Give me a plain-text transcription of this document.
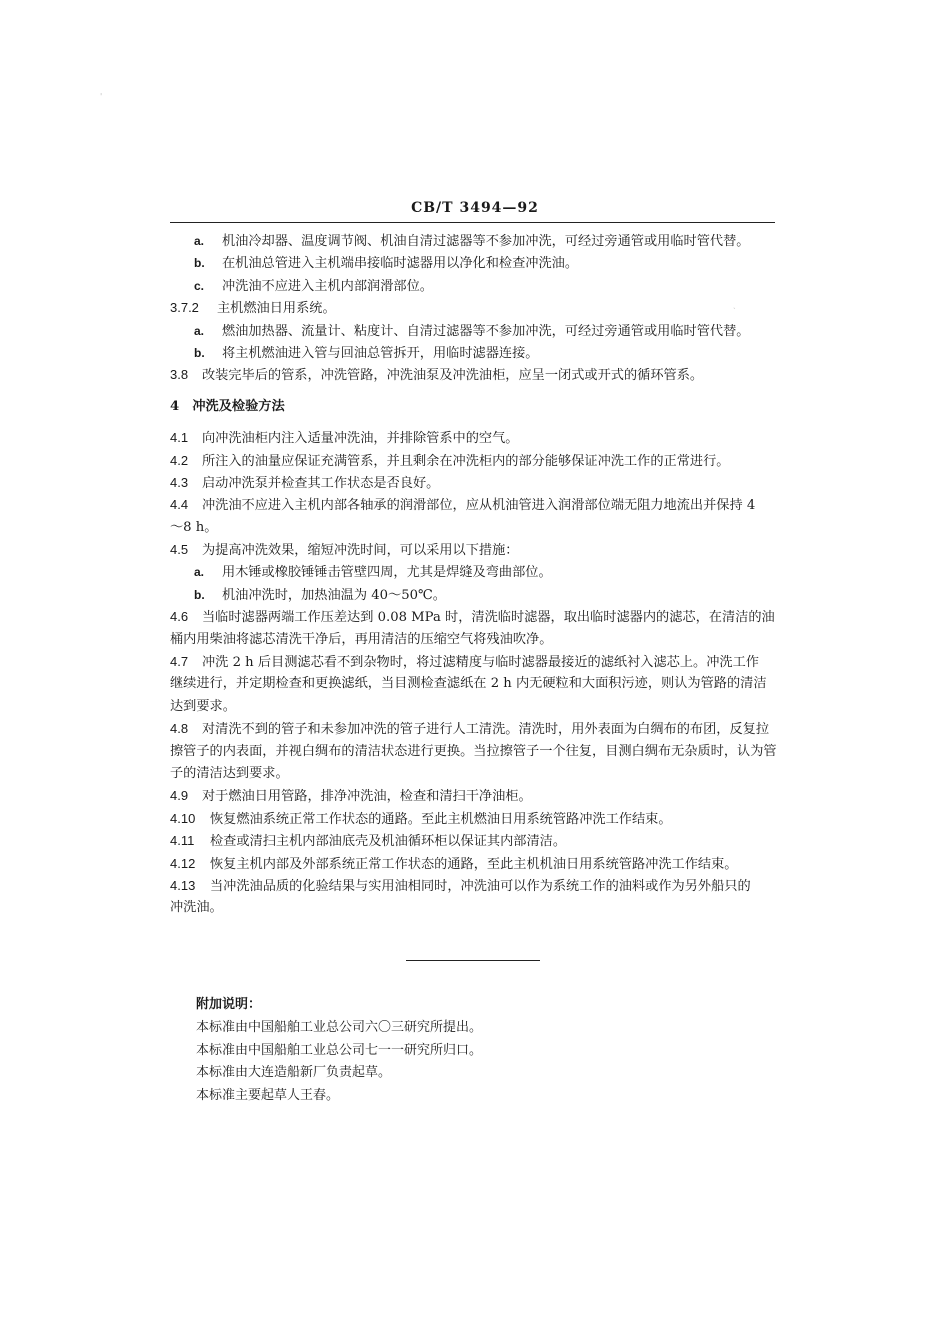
'
ˏ
CB/T 3494—92
a. 机油冷却器、温度调节阀、机油自清过滤器等不参加冲洗，可经过旁通管或用临时管代替。
b. 在机油总管进入主机端串接临时滤器用以净化和检查冲洗油。
c. 冲洗油不应进入主机内部润滑部位。
3.7.2 主机燃油日用系统。
a. 燃油加热器、流量计、粘度计、自清过滤器等不参加冲洗，可经过旁通管或用临时管代替。
b. 将主机燃油进入管与回油总管拆开，用临时滤器连接。
3.8 改装完毕后的管系，冲洗管路，冲洗油泵及冲洗油柜，应呈一闭式或开式的循环管系。
4　冲洗及检验方法
4.1 向冲洗油柜内注入适量冲洗油，并排除管系中的空气。
4.2 所注入的油量应保证充满管系，并且剩余在冲洗柜内的部分能够保证冲洗工作的正常进行。
4.3 启动冲洗泵并检查其工作状态是否良好。
4.4 冲洗油不应进入主机内部各轴承的润滑部位，应从机油管进入润滑部位端无阻力地流出并保持 4
～8 h。
4.5 为提高冲洗效果，缩短冲洗时间，可以采用以下措施：
a. 用木锤或橡胶锤锤击管壁四周，尤其是焊缝及弯曲部位。
b. 机油冲洗时，加热油温为 40～50℃。
4.6 当临时滤器两端工作压差达到 0.08 MPa 时，清洗临时滤器，取出临时滤器内的滤芯，在清洁的油
桶内用柴油将滤芯清洗干净后，再用清洁的压缩空气将残油吹净。
4.7 冲洗 2 h 后目测滤芯看不到杂物时，将过滤精度与临时滤器最接近的滤纸衬入滤芯上。冲洗工作
继续进行，并定期检查和更换滤纸，当目测检查滤纸在 2 h 内无硬粒和大面积污迹，则认为管路的清洁
达到要求。
4.8 对清洗不到的管子和未参加冲洗的管子进行人工清洗。清洗时，用外表面为白绸布的布团，反复拉
擦管子的内表面，并视白绸布的清洁状态进行更换。当拉擦管子一个往复，目测白绸布无杂质时，认为管
子的清洁达到要求。
4.9 对于燃油日用管路，排净冲洗油，检查和清扫干净油柜。
4.10 恢复燃油系统正常工作状态的通路。至此主机燃油日用系统管路冲洗工作结束。
4.11 检查或清扫主机内部油底壳及机油循环柜以保证其内部清洁。
4.12 恢复主机内部及外部系统正常工作状态的通路，至此主机机油日用系统管路冲洗工作结束。
4.13 当冲洗油品质的化验结果与实用油相同时，冲洗油可以作为系统工作的油料或作为另外船只的
冲洗油。
附加说明：
本标准由中国船舶工业总公司六〇三研究所提出。
本标准由中国船舶工业总公司七一一研究所归口。
本标准由大连造船新厂负责起草。
本标准主要起草人王春。
